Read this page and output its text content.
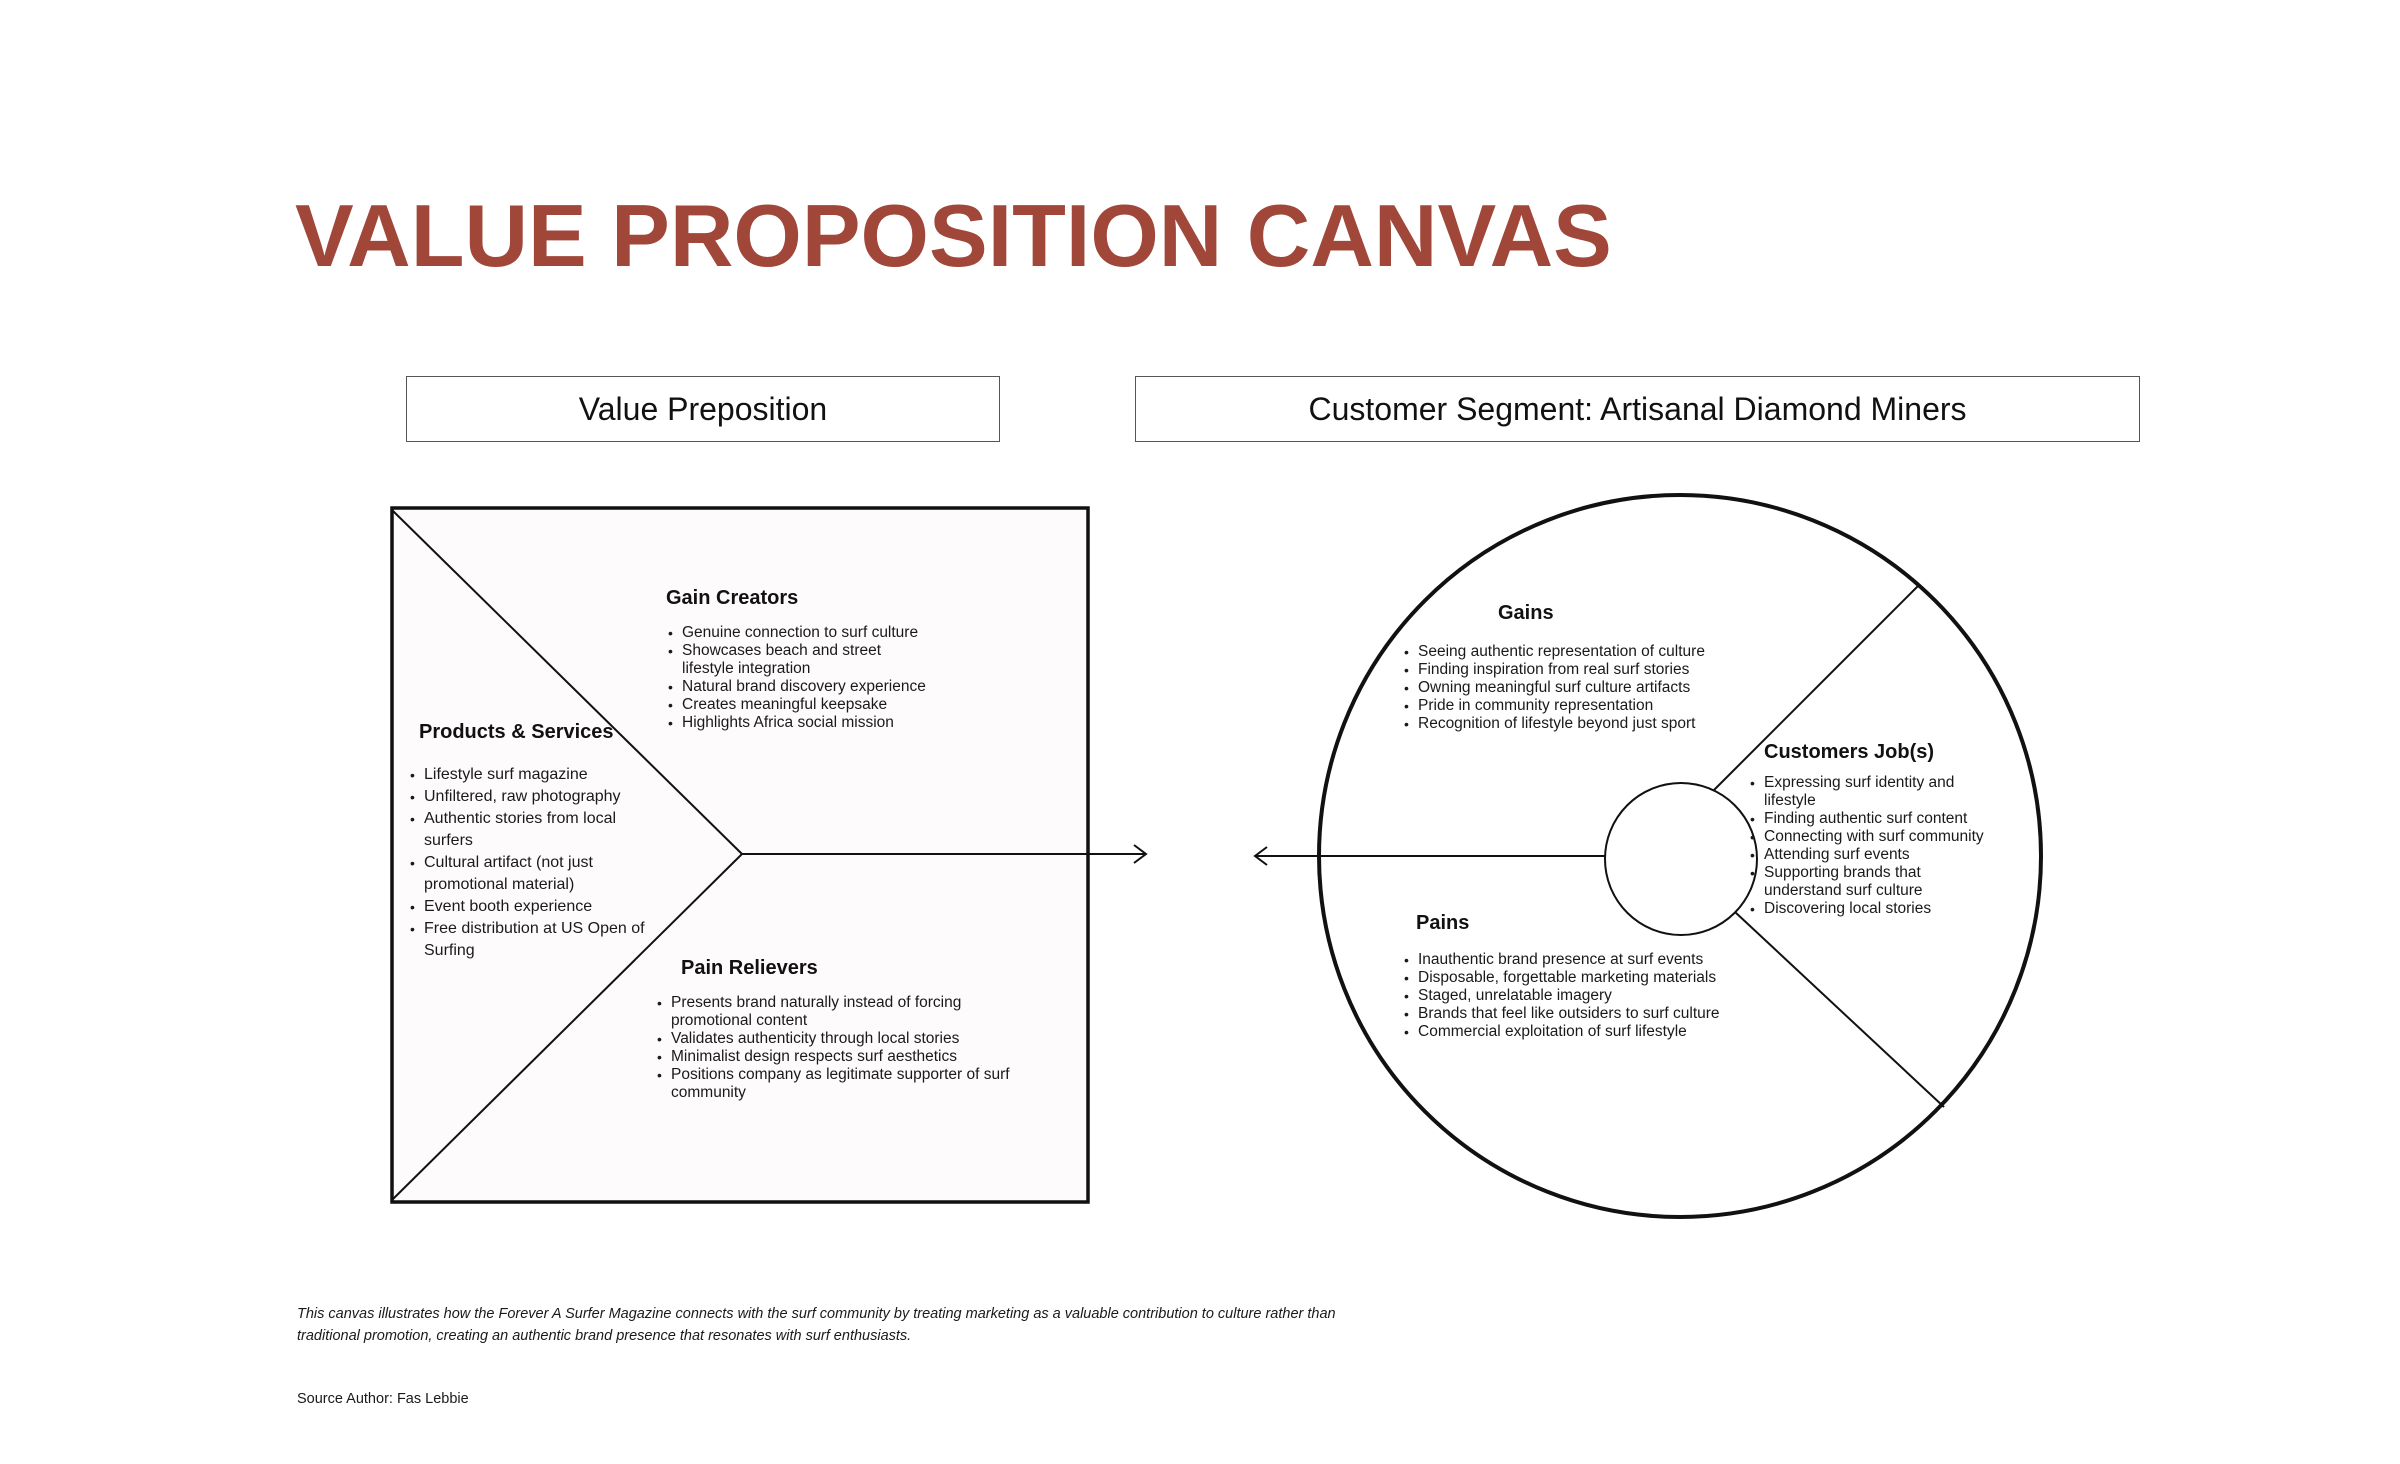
VALUE PROPOSITION CANVAS
Value Preposition	Customer Segment: Artisanal Diamond Miners
Gain Creators
• Genuine connection to surf culture
• Showcases beach and street lifestyle integration
• Natural brand discovery experience
• Creates meaningful keepsake
• Highlights Africa social mission
Products & Services
• Lifestyle surf magazine
• Unfiltered, raw photography
• Authentic stories from local surfers
• Cultural artifact (not just promotional material)
• Event booth experience
• Free distribution at US Open of Surfing
Pain Relievers
• Presents brand naturally instead of forcing promotional content
• Validates authenticity through local stories
• Minimalist design respects surf aesthetics
• Positions company as legitimate supporter of surf community
Gains
• Seeing authentic representation of culture
• Finding inspiration from real surf stories
• Owning meaningful surf culture artifacts
• Pride in community representation
• Recognition of lifestyle beyond just sport
Customers Job(s)
• Expressing surf identity and lifestyle
• Finding authentic surf content
• Connecting with surf community
• Attending surf events
• Supporting brands that understand surf culture
• Discovering local stories
Pains
• Inauthentic brand presence at surf events
• Disposable, forgettable marketing materials
• Staged, unrelatable imagery
• Brands that feel like outsiders to surf culture
• Commercial exploitation of surf lifestyle
This canvas illustrates how the Forever A Surfer Magazine connects with the surf community by treating marketing as a valuable contribution to culture rather than traditional promotion, creating an authentic brand presence that resonates with surf enthusiasts.
Source Author: Fas Lebbie
